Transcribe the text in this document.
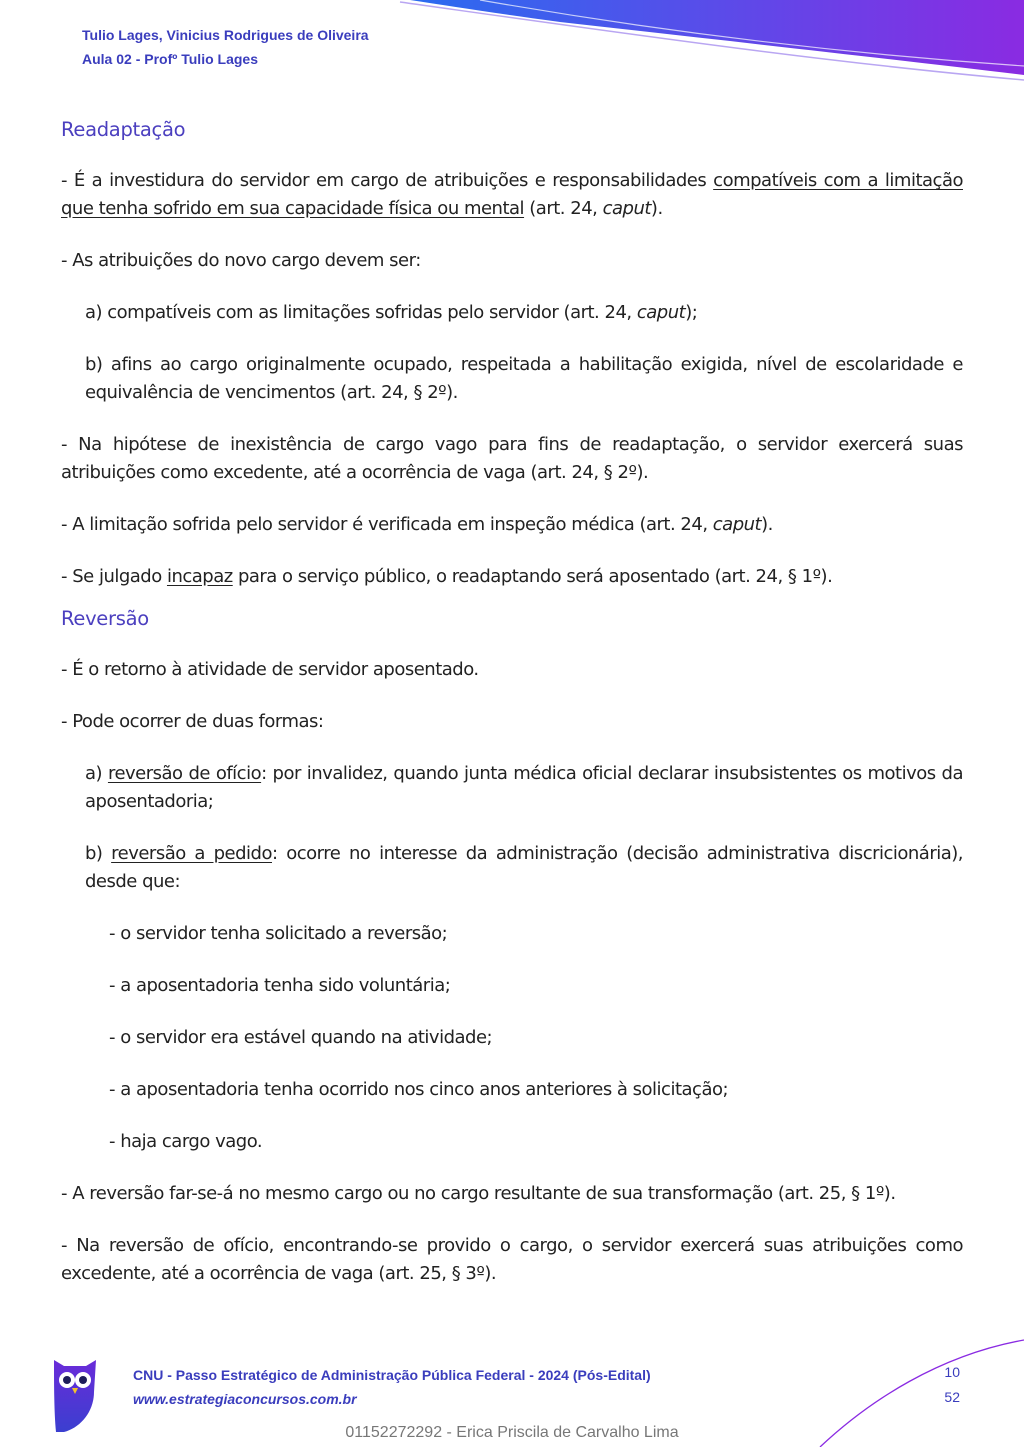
Tulio Lages, Vinicius Rodrigues de Oliveira

Aula 02 - Profº Tulio Lages

Readaptação

- É a investidura do servidor em cargo de atribuições e responsabilidades compatíveis com a limitação que tenha sofrido em sua capacidade física ou mental (art. 24, caput).

- As atribuições do novo cargo devem ser:

a) compatíveis com as limitações sofridas pelo servidor (art. 24, caput);

b) afins ao cargo originalmente ocupado, respeitada a habilitação exigida, nível de escolaridade e equivalência de vencimentos (art. 24, § 2º).

- Na hipótese de inexistência de cargo vago para fins de readaptação, o servidor exercerá suas atribuições como excedente, até a ocorrência de vaga (art. 24, § 2º).

- A limitação sofrida pelo servidor é verificada em inspeção médica (art. 24, caput).

- Se julgado incapaz para o serviço público, o readaptando será aposentado (art. 24, § 1º).

Reversão

- É o retorno à atividade de servidor aposentado.

- Pode ocorrer de duas formas:

a) reversão de ofício: por invalidez, quando junta médica oficial declarar insubsistentes os motivos da aposentadoria;

b) reversão a pedido: ocorre no interesse da administração (decisão administrativa discricionária), desde que:

- o servidor tenha solicitado a reversão;

- a aposentadoria tenha sido voluntária;

- o servidor era estável quando na atividade;

- a aposentadoria tenha ocorrido nos cinco anos anteriores à solicitação;

- haja cargo vago.

- A reversão far-se-á no mesmo cargo ou no cargo resultante de sua transformação (art. 25, § 1º).

- Na reversão de ofício, encontrando-se provido o cargo, o servidor exercerá suas atribuições como excedente, até a ocorrência de vaga (art. 25, § 3º).

CNU - Passo Estratégico de Administração Pública Federal - 2024 (Pós-Edital)
www.estrategiaconcursos.com.br
10
52
01152272292 - Erica Priscila de Carvalho Lima
